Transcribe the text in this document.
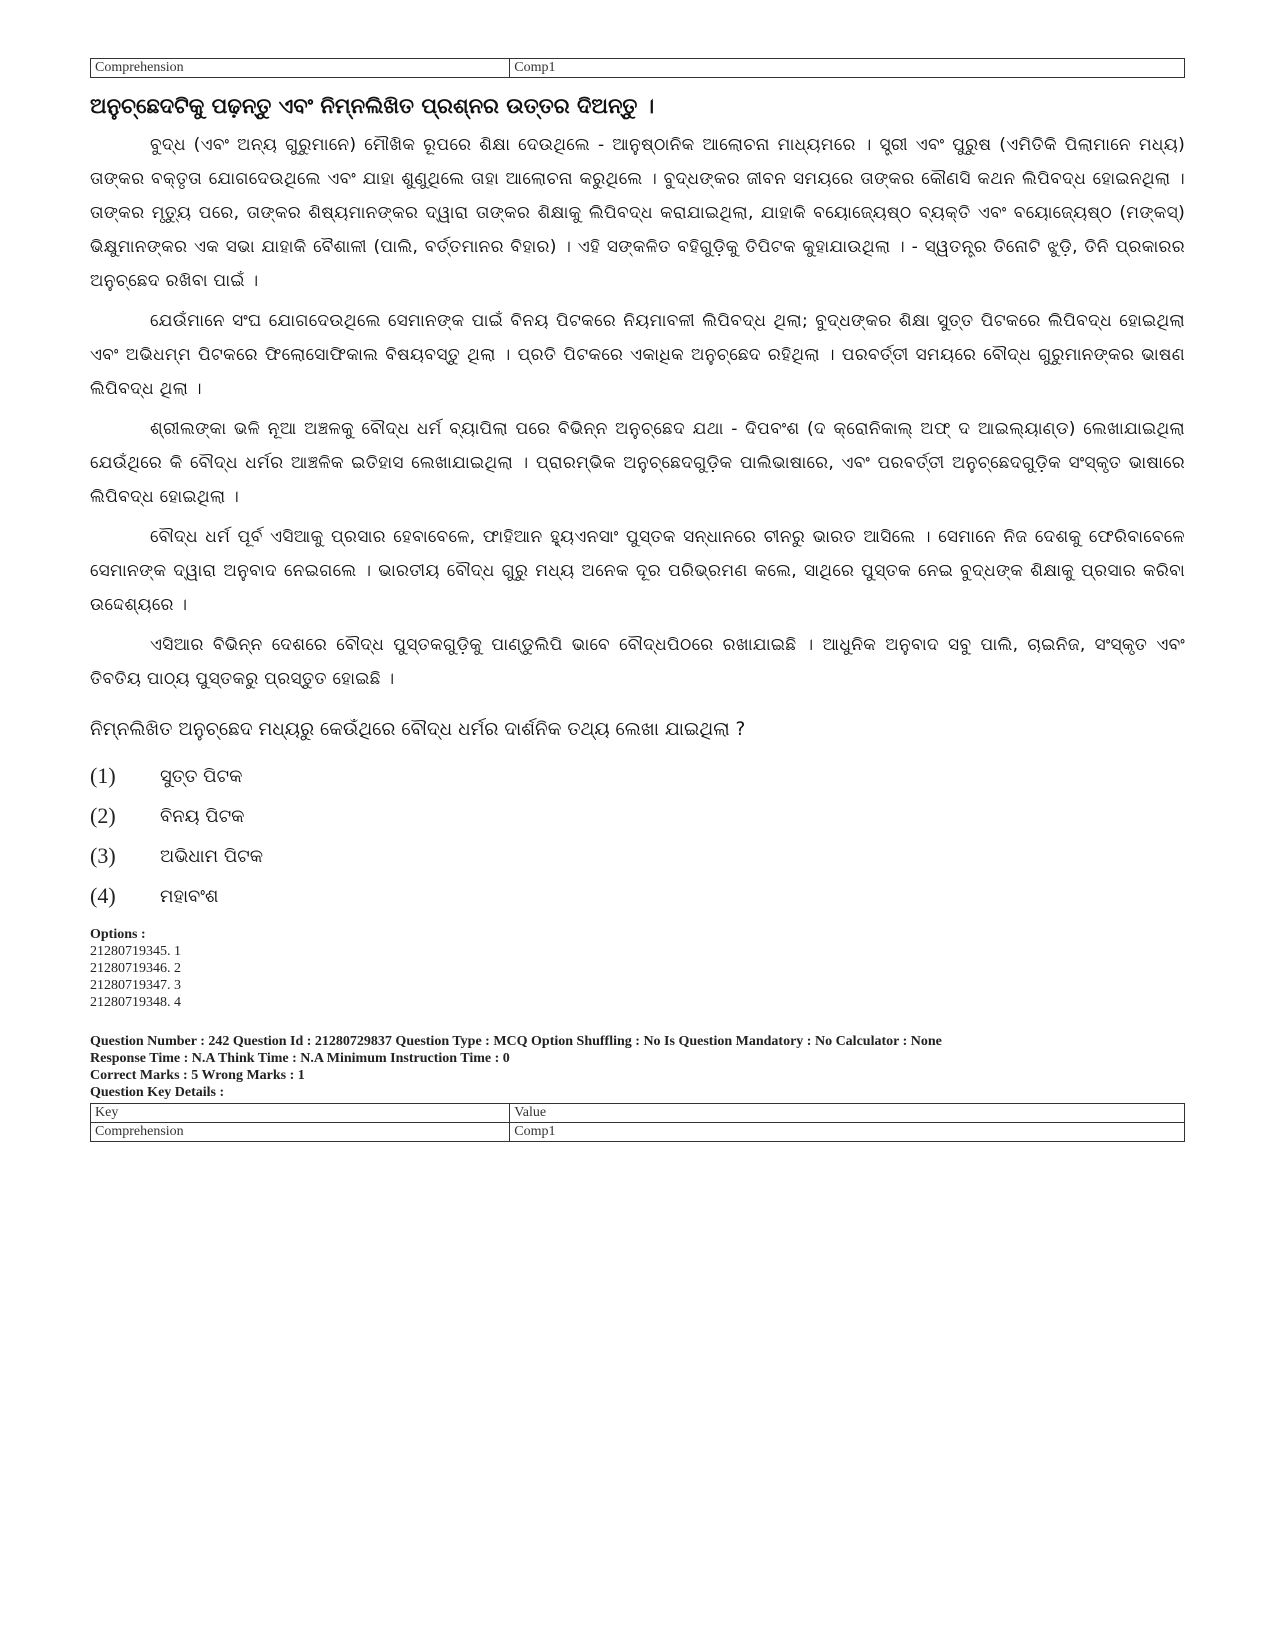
Comprehension	Comp1
ଅନୁଚ୍ଛେଦଟିକୁ ପଢ଼ନ୍ତୁ ଏବଂ ନିମ୍ନଲିଖିତ ପ୍ରଶ୍ନର ଉତ୍ତର ଦିଅନ୍ତୁ ।

ବୁଦ୍ଧ (ଏବଂ ଅନ୍ୟ ଗୁରୁମାନେ) ମୌଖିକ ରୂପରେ ଶିକ୍ଷା ଦେଉଥିଲେ - ଆନୁଷ୍ଠାନିକ ଆଲୋଚନା ମାଧ୍ୟମରେ । ସ୍ତ୍ରୀ ଏବଂ ପୁରୁଷ (ଏମିତିକି ପିଲାମାନେ ମଧ୍ୟ) ତାଙ୍କର ବକ୍ତୃତା ଯୋଗଦେଉଥିଲେ ଏବଂ ଯାହା ଶୁଣୁଥିଲେ ତାହା ଆଲୋଚନା କରୁଥିଲେ । ବୁଦ୍ଧଙ୍କର ଜୀବନ ସମୟରେ ତାଙ୍କର କୌଣସି କଥନ ଲିପିବଦ୍ଧ ହୋଇନଥିଲା । ତାଙ୍କର ମୃତ୍ୟୁ ପରେ, ତାଙ୍କର ଶିଷ୍ୟମାନଙ୍କର ଦ୍ୱାରା ତାଙ୍କର ଶିକ୍ଷାକୁ ଲିପିବଦ୍ଧ କରାଯାଇଥିଲା, ଯାହାକି ବୟୋଜ୍ୟେଷ୍ଠ ବ୍ୟକ୍ତି ଏବଂ ବୟୋଜ୍ୟେଷ୍ଠ (ମଙ୍କସ୍) ଭିକ୍ଷୁମାନଙ୍କର ଏକ ସଭା ଯାହାକି ବୈଶାଳୀ (ପାଲି, ବର୍ତ୍ତମାନର ବିହାର) । ଏହି ସଙ୍କଳିତ ବହିଗୁଡ଼ିକୁ ତିପିଟକ କୁହାଯାଉଥିଲା । - ସ୍ୱତନ୍ତ୍ର ତିନୋଟି ଝୁଡ଼ି, ତିନି ପ୍ରକାରର ଅନୁଚ୍ଛେଦ ରଖିବା ପାଇଁ ।

ଯେଉଁମାନେ ସଂଘ ଯୋଗଦେଉଥିଲେ ସେମାନଙ୍କ ପାଇଁ ବିନୟ ପିଟକରେ ନିୟମାବଳୀ ଲିପିବଦ୍ଧ ଥିଲା; ବୁଦ୍ଧଙ୍କର ଶିକ୍ଷା ସୁତ୍ତ ପିଟକରେ ଲିପିବଦ୍ଧ ହୋଇଥିଲା ଏବଂ ଅଭିଧମ୍ମ ପିଟକରେ ଫିଲୋସୋଫିକାଲ ବିଷୟବସ୍ତୁ ଥିଲା । ପ୍ରତି ପିଟକରେ ଏକାଧିକ ଅନୁଚ୍ଛେଦ ରହିଥିଲା । ପରବର୍ତ୍ତୀ ସମୟରେ ବୌଦ୍ଧ ଗୁରୁମାନଙ୍କର ଭାଷଣ ଲିପିବଦ୍ଧ ଥିଲା ।

ଶ୍ରୀଲଙ୍କା ଭଳି ନୂଆ ଅଞ୍ଚଳକୁ ବୌଦ୍ଧ ଧର୍ମ ବ୍ୟାପିଲା ପରେ ବିଭିନ୍ନ ଅନୁଚ୍ଛେଦ ଯଥା - ଦିପବଂଶ (ଦ କ୍ରୋନିକାଲ୍ ଅଫ୍ ଦ ଆଇଲ୍ୟାଣ୍ଡ) ଲେଖାଯାଇଥିଲା ଯେଉଁଥିରେ କି ବୌଦ୍ଧ ଧର୍ମର ଆଞ୍ଚଳିକ ଇତିହାସ ଲେଖାଯାଇଥିଲା । ପ୍ରାରମ୍ଭିକ ଅନୁଚ୍ଛେଦଗୁଡ଼ିକ ପାଲିଭାଷାରେ, ଏବଂ ପରବର୍ତ୍ତୀ ଅନୁଚ୍ଛେଦଗୁଡ଼ିକ ସଂସ୍କୃତ ଭାଷାରେ ଲିପିବଦ୍ଧ ହୋଇଥିଲା ।

ବୌଦ୍ଧ ଧର୍ମ ପୂର୍ବ ଏସିଆକୁ ପ୍ରସାର ହେବାବେଳେ, ଫାହିଆନ ହ୍ୟୁଏନସାଂ ପୁସ୍ତକ ସନ୍ଧାନରେ ଚୀନରୁ ଭାରତ ଆସିଲେ । ସେମାନେ ନିଜ ଦେଶକୁ ଫେରିବାବେଳେ ସେମାନଙ୍କ ଦ୍ୱାରା ଅନୁବାଦ ନେଇଗଲେ । ଭାରତୀୟ ବୌଦ୍ଧ ଗୁରୁ ମଧ୍ୟ ଅନେକ ଦୂର ପରିଭ୍ରମଣ କଲେ, ସାଥିରେ ପୁସ୍ତକ ନେଇ ବୁଦ୍ଧଙ୍କ ଶିକ୍ଷାକୁ ପ୍ରସାର କରିବା ଉଦ୍ଦେଶ୍ୟରେ ।

ଏସିଆର ବିଭିନ୍ନ ଦେଶରେ ବୌଦ୍ଧ ପୁସ୍ତକଗୁଡ଼ିକୁ ପାଣ୍ଡୁଲିପି ଭାବେ ବୌଦ୍ଧପିଠରେ ରଖାଯାଇଛି । ଆଧୁନିକ ଅନୁବାଦ ସବୁ ପାଲି, ଚାଇନିଜ, ସଂସ୍କୃତ ଏବଂ ତିବତିୟ ପାଠ୍ୟ ପୁସ୍ତକରୁ ପ୍ରସ୍ତୁତ ହୋଇଛି ।

ନିମ୍ନଲିଖିତ ଅନୁଚ୍ଛେଦ ମଧ୍ୟରୁ କେଉଁଥିରେ ବୌଦ୍ଧ ଧର୍ମର ଦାର୍ଶନିକ ତଥ୍ୟ ଲେଖା ଯାଇଥିଲା ?
(1)	ସୁତ୍ତ ପିଟକ
(2)	ବିନୟ ପିଟକ
(3)	ଅଭିଧାମ ପିଟକ
(4)	ମହାବଂଶ
Options :
21280719345. 1
21280719346. 2
21280719347. 3
21280719348. 4
Question Number : 242 Question Id : 21280729837 Question Type : MCQ Option Shuffling : No Is Question Mandatory : No Calculator : None
Response Time : N.A Think Time : N.A Minimum Instruction Time : 0
Correct Marks : 5 Wrong Marks : 1
Question Key Details :
Key	Value
Comprehension	Comp1
